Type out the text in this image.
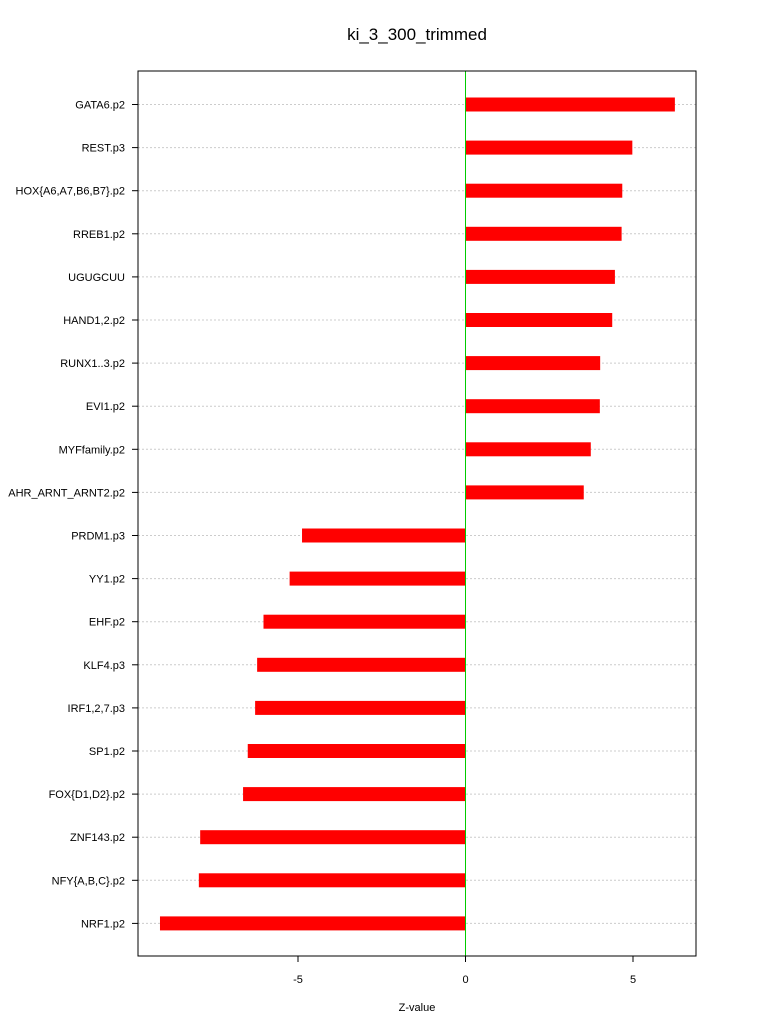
ki_3_300_trimmed
GATA6.p2
REST.p3
HOX{A6,A7,B6,B7}.p2
RREB1.p2
UGUGCUU
HAND1,2.p2
RUNX1..3.p2
EVI1.p2
MYFfamily.p2
AHR_ARNT_ARNT2.p2
PRDM1.p3
YY1.p2
EHF.p2
KLF4.p3
IRF1,2,7.p3
SP1.p2
FOX{D1,D2}.p2
ZNF143.p2
NFY{A,B,C}.p2
NRF1.p2
-5	0	5
Z-value
